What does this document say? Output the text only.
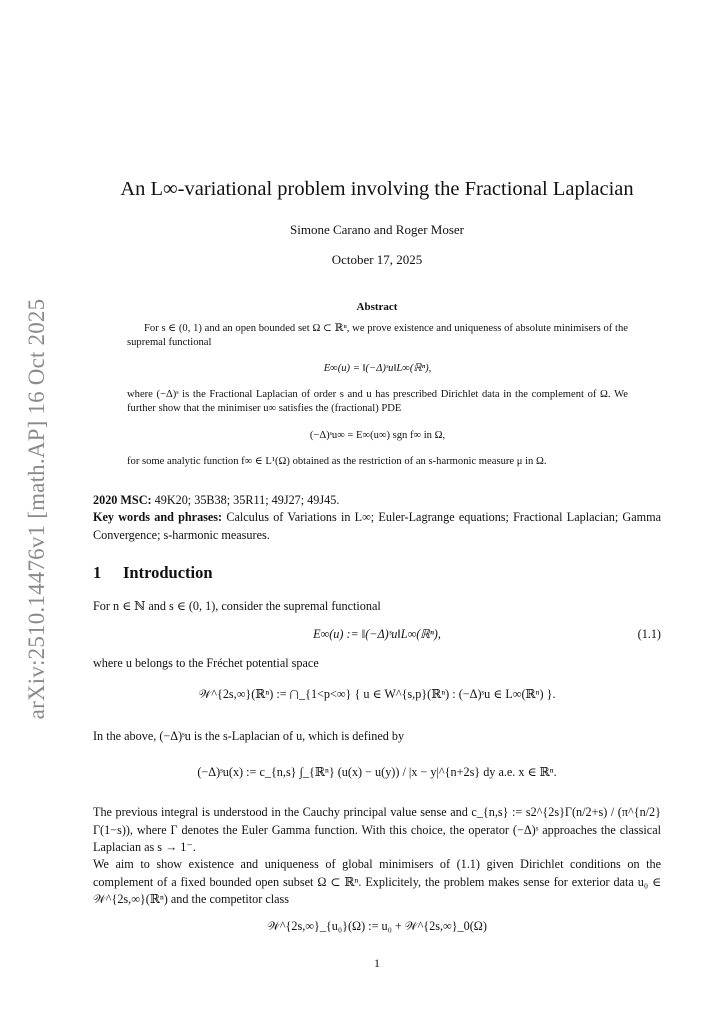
arXiv:2510.14476v1 [math.AP] 16 Oct 2025
An L∞-variational problem involving the Fractional Laplacian
Simone Carano and Roger Moser
October 17, 2025
Abstract
For s ∈ (0, 1) and an open bounded set Ω ⊂ ℝⁿ, we prove existence and uniqueness of absolute minimisers of the supremal functional
E∞(u) = ‖(−Δ)ˢu‖L∞(ℝⁿ),
where (−Δ)ˢ is the Fractional Laplacian of order s and u has prescribed Dirichlet data in the complement of Ω. We further show that the minimiser u∞ satisfies the (fractional) PDE
(−Δ)ˢu∞ = E∞(u∞) sgn f∞ in Ω,
for some analytic function f∞ ∈ L¹(Ω) obtained as the restriction of an s-harmonic measure μ in Ω.
2020 MSC: 49K20; 35B38; 35R11; 49J27; 49J45.
Key words and phrases: Calculus of Variations in L∞; Euler-Lagrange equations; Fractional Laplacian; Gamma Convergence; s-harmonic measures.
1 Introduction
For n ∈ ℕ and s ∈ (0, 1), consider the supremal functional
E∞(u) := ‖(−Δ)ˢu‖L∞(ℝⁿ),	(1.1)
where u belongs to the Fréchet potential space
𝒲^{2s,∞}(ℝⁿ) := ⋂_{1<p<∞} { u ∈ W^{s,p}(ℝⁿ) : (−Δ)ˢu ∈ L∞(ℝⁿ) }.
In the above, (−Δ)ˢu is the s-Laplacian of u, which is defined by
(−Δ)ˢu(x) := c_{n,s} ∫_{ℝⁿ} (u(x) − u(y)) / |x − y|^{n+2s} dy a.e. x ∈ ℝⁿ.
The previous integral is understood in the Cauchy principal value sense and c_{n,s} := s2^{2s}Γ(n/2+s) / (π^{n/2}Γ(1−s)), where Γ denotes the Euler Gamma function. With this choice, the operator (−Δ)ˢ approaches the classical Laplacian as s → 1⁻.
We aim to show existence and uniqueness of global minimisers of (1.1) given Dirichlet conditions on the complement of a fixed bounded open subset Ω ⊂ ℝⁿ. Explicitely, the problem makes sense for exterior data u₀ ∈ 𝒲^{2s,∞}(ℝⁿ) and the competitor class
𝒲^{2s,∞}_{u₀}(Ω) := u₀ + 𝒲^{2s,∞}_0(Ω)
1
